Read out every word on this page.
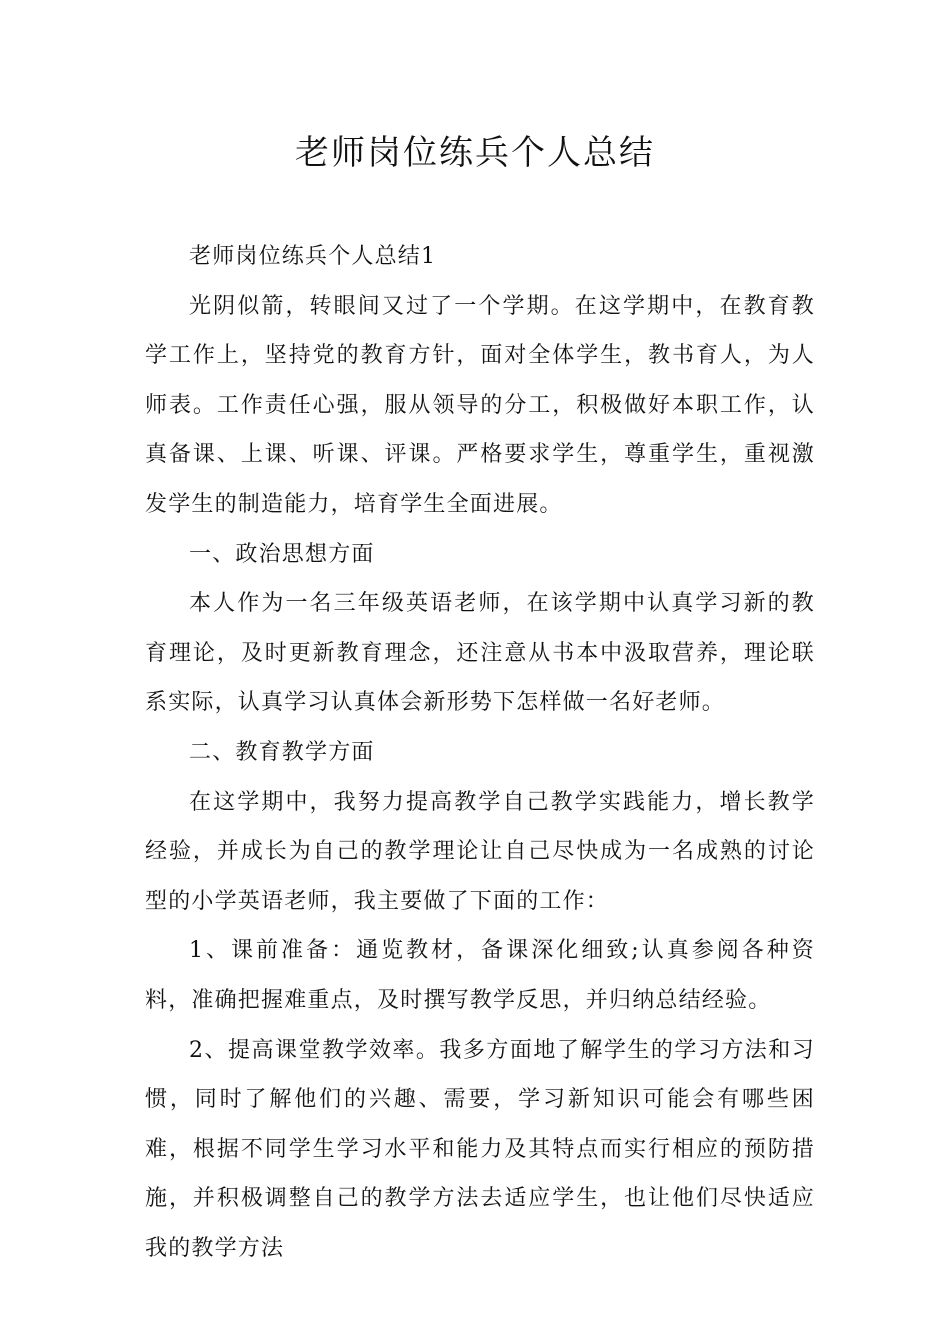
老师岗位练兵个人总结

老师岗位练兵个人总结1

光阴似箭，转眼间又过了一个学期。在这学期中，在教育教学工作上，坚持党的教育方针，面对全体学生，教书育人，为人师表。工作责任心强，服从领导的分工，积极做好本职工作，认真备课、上课、听课、评课。严格要求学生，尊重学生，重视激发学生的制造能力，培育学生全面进展。

一、政治思想方面

本人作为一名三年级英语老师，在该学期中认真学习新的教育理论，及时更新教育理念，还注意从书本中汲取营养，理论联系实际，认真学习认真体会新形势下怎样做一名好老师。

二、教育教学方面

在这学期中，我努力提高教学自己教学实践能力，增长教学经验，并成长为自己的教学理论让自己尽快成为一名成熟的讨论型的小学英语老师，我主要做了下面的工作：

1、课前准备：通览教材，备课深化细致;认真参阅各种资料，准确把握难重点，及时撰写教学反思，并归纳总结经验。

2、提高课堂教学效率。我多方面地了解学生的学习方法和习惯，同时了解他们的兴趣、需要，学习新知识可能会有哪些困难，根据不同学生学习水平和能力及其特点而实行相应的预防措施，并积极调整自己的教学方法去适应学生，也让他们尽快适应我的教学方法
